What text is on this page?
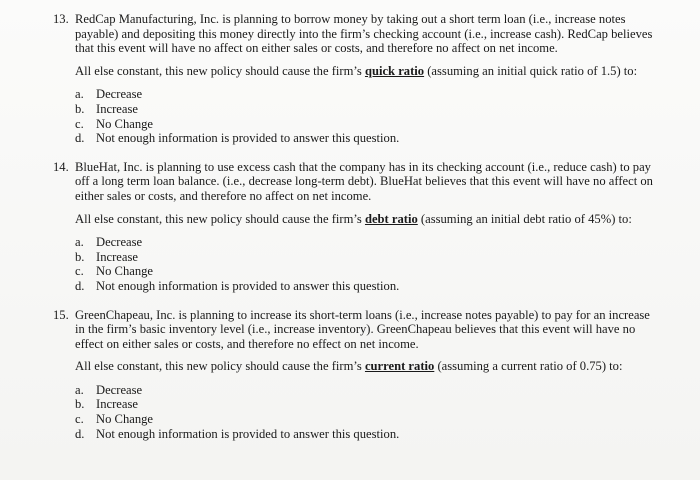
13. RedCap Manufacturing, Inc. is planning to borrow money by taking out a short term loan (i.e., increase notes payable) and depositing this money directly into the firm’s checking account (i.e., increase cash). RedCap believes that this event will have no affect on either sales or costs, and therefore no affect on net income.

All else constant, this new policy should cause the firm’s quick ratio (assuming an initial quick ratio of 1.5) to:

a. Decrease
b. Increase
c. No Change
d. Not enough information is provided to answer this question.
14. BlueHat, Inc. is planning to use excess cash that the company has in its checking account (i.e., reduce cash) to pay off a long term loan balance. (i.e., decrease long-term debt). BlueHat believes that this event will have no affect on either sales or costs, and therefore no affect on net income.

All else constant, this new policy should cause the firm’s debt ratio (assuming an initial debt ratio of 45%) to:

a. Decrease
b. Increase
c. No Change
d. Not enough information is provided to answer this question.
15. GreenChapeau, Inc. is planning to increase its short-term loans (i.e., increase notes payable) to pay for an increase in the firm’s basic inventory level (i.e., increase inventory). GreenChapeau believes that this event will have no effect on either sales or costs, and therefore no effect on net income.

All else constant, this new policy should cause the firm’s current ratio (assuming a current ratio of 0.75) to:

a. Decrease
b. Increase
c. No Change
d. Not enough information is provided to answer this question.
